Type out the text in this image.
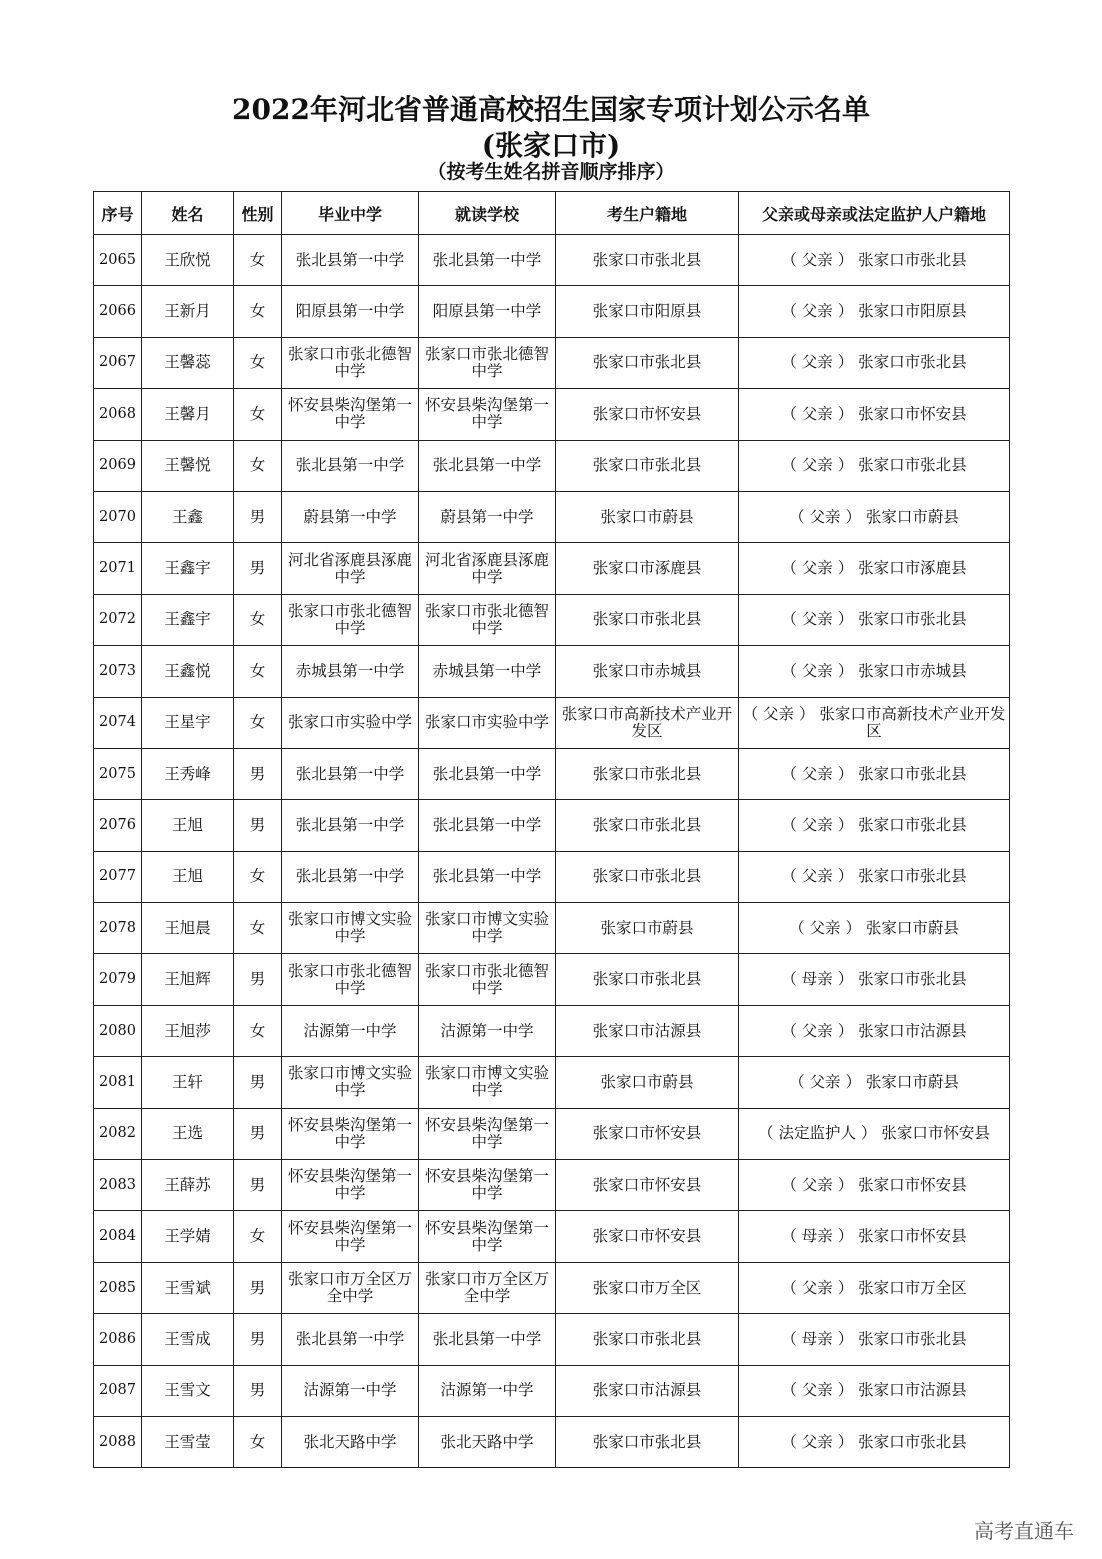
2022年河北省普通高校招生国家专项计划公示名单
(张家口市)
（按考生姓名拼音顺序排序）
序号	姓名	性别	毕业中学	就读学校	考生户籍地	父亲或母亲或法定监护人户籍地
2065	王欣悦	女	张北县第一中学	张北县第一中学	张家口市张北县	（ 父亲 ） 张家口市张北县
2066	王新月	女	阳原县第一中学	阳原县第一中学	张家口市阳原县	（ 父亲 ） 张家口市阳原县
2067	王馨蕊	女	张家口市张北德智中学	张家口市张北德智中学	张家口市张北县	（ 父亲 ） 张家口市张北县
2068	王馨月	女	怀安县柴沟堡第一中学	怀安县柴沟堡第一中学	张家口市怀安县	（ 父亲 ） 张家口市怀安县
2069	王馨悦	女	张北县第一中学	张北县第一中学	张家口市张北县	（ 父亲 ） 张家口市张北县
2070	王鑫	男	蔚县第一中学	蔚县第一中学	张家口市蔚县	（ 父亲 ） 张家口市蔚县
2071	王鑫宇	男	河北省涿鹿县涿鹿中学	河北省涿鹿县涿鹿中学	张家口市涿鹿县	（ 父亲 ） 张家口市涿鹿县
2072	王鑫宇	女	张家口市张北德智中学	张家口市张北德智中学	张家口市张北县	（ 父亲 ） 张家口市张北县
2073	王鑫悦	女	赤城县第一中学	赤城县第一中学	张家口市赤城县	（ 父亲 ） 张家口市赤城县
2074	王星宇	女	张家口市实验中学	张家口市实验中学	张家口市高新技术产业开发区	（ 父亲 ） 张家口市高新技术产业开发区
2075	王秀峰	男	张北县第一中学	张北县第一中学	张家口市张北县	（ 父亲 ） 张家口市张北县
2076	王旭	男	张北县第一中学	张北县第一中学	张家口市张北县	（ 父亲 ） 张家口市张北县
2077	王旭	女	张北县第一中学	张北县第一中学	张家口市张北县	（ 父亲 ） 张家口市张北县
2078	王旭晨	女	张家口市博文实验中学	张家口市博文实验中学	张家口市蔚县	（ 父亲 ） 张家口市蔚县
2079	王旭辉	男	张家口市张北德智中学	张家口市张北德智中学	张家口市张北县	（ 母亲 ） 张家口市张北县
2080	王旭莎	女	沽源第一中学	沽源第一中学	张家口市沽源县	（ 父亲 ） 张家口市沽源县
2081	王轩	男	张家口市博文实验中学	张家口市博文实验中学	张家口市蔚县	（ 父亲 ） 张家口市蔚县
2082	王选	男	怀安县柴沟堡第一中学	怀安县柴沟堡第一中学	张家口市怀安县	（ 法定监护人 ） 张家口市怀安县
2083	王薛苏	男	怀安县柴沟堡第一中学	怀安县柴沟堡第一中学	张家口市怀安县	（ 父亲 ） 张家口市怀安县
2084	王学婧	女	怀安县柴沟堡第一中学	怀安县柴沟堡第一中学	张家口市怀安县	（ 母亲 ） 张家口市怀安县
2085	王雪斌	男	张家口市万全区万全中学	张家口市万全区万全中学	张家口市万全区	（ 父亲 ） 张家口市万全区
2086	王雪成	男	张北县第一中学	张北县第一中学	张家口市张北县	（ 母亲 ） 张家口市张北县
2087	王雪文	男	沽源第一中学	沽源第一中学	张家口市沽源县	（ 父亲 ） 张家口市沽源县
2088	王雪莹	女	张北天路中学	张北天路中学	张家口市张北县	（ 父亲 ） 张家口市张北县
高考直通车
